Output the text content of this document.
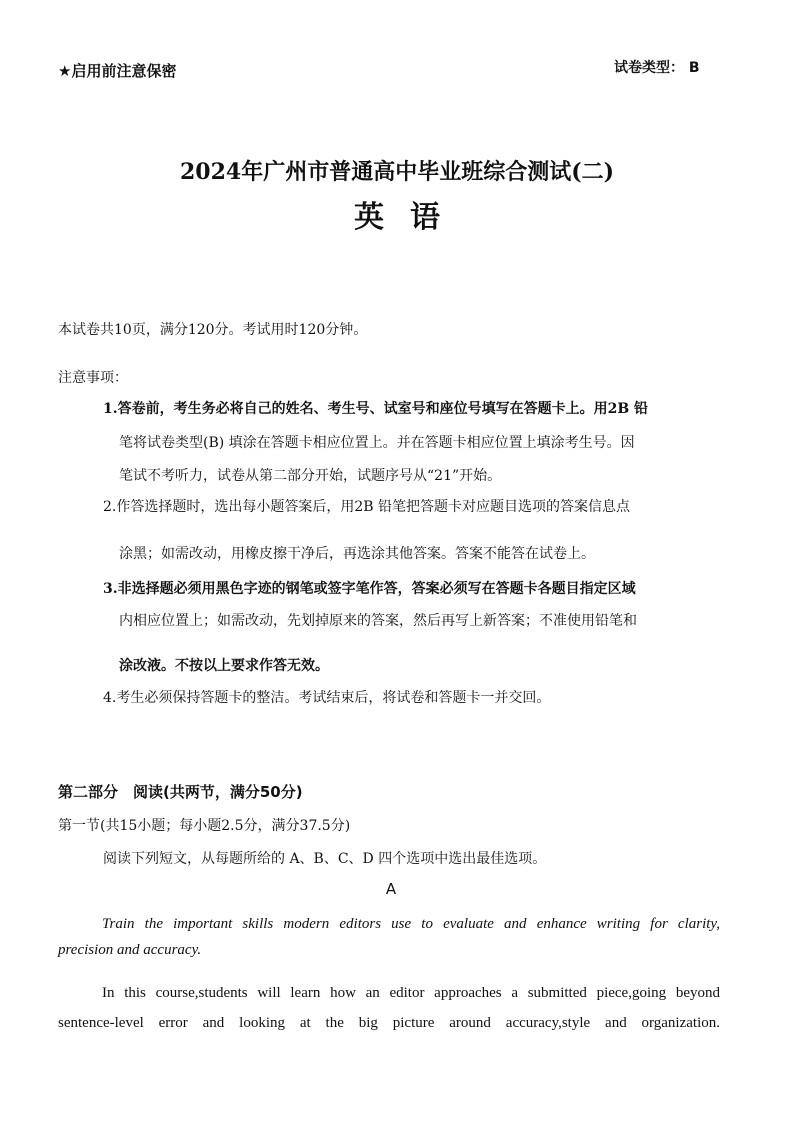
★启用前注意保密	试卷类型： B
2024年广州市普通高中毕业班综合测试(二)
英语
本试卷共10页，满分120分。考试用时120分钟。
注意事项：
1.答卷前，考生务必将自己的姓名、考生号、试室号和座位号填写在答题卡上。用2B 铅
笔将试卷类型(B) 填涂在答题卡相应位置上。并在答题卡相应位置上填涂考生号。因
笔试不考听力，试卷从第二部分开始，试题序号从“21”开始。
2.作答选择题时，选出每小题答案后，用2B 铅笔把答题卡对应题目选项的答案信息点
涂黑；如需改动，用橡皮擦干净后，再选涂其他答案。答案不能答在试卷上。
3.非选择题必须用黑色字迹的钢笔或签字笔作答，答案必须写在答题卡各题目指定区域
内相应位置上；如需改动，先划掉原来的答案，然后再写上新答案；不准使用铅笔和
涂改液。不按以上要求作答无效。
4.考生必须保持答题卡的整洁。考试结束后，将试卷和答题卡一并交回。
第二部分　阅读(共两节，满分50分)
第一节(共15小题；每小题2.5分，满分37.5分)
阅读下列短文，从每题所给的 A、B、C、D 四个选项中选出最佳选项。
A
Train the important skills modern editors use to evaluate and enhance writing for clarity,
precision and accuracy.
In this course,students will learn how an editor approaches a submitted piece,going beyond
sentence-level error and looking at the big picture around accuracy,style and organization.
